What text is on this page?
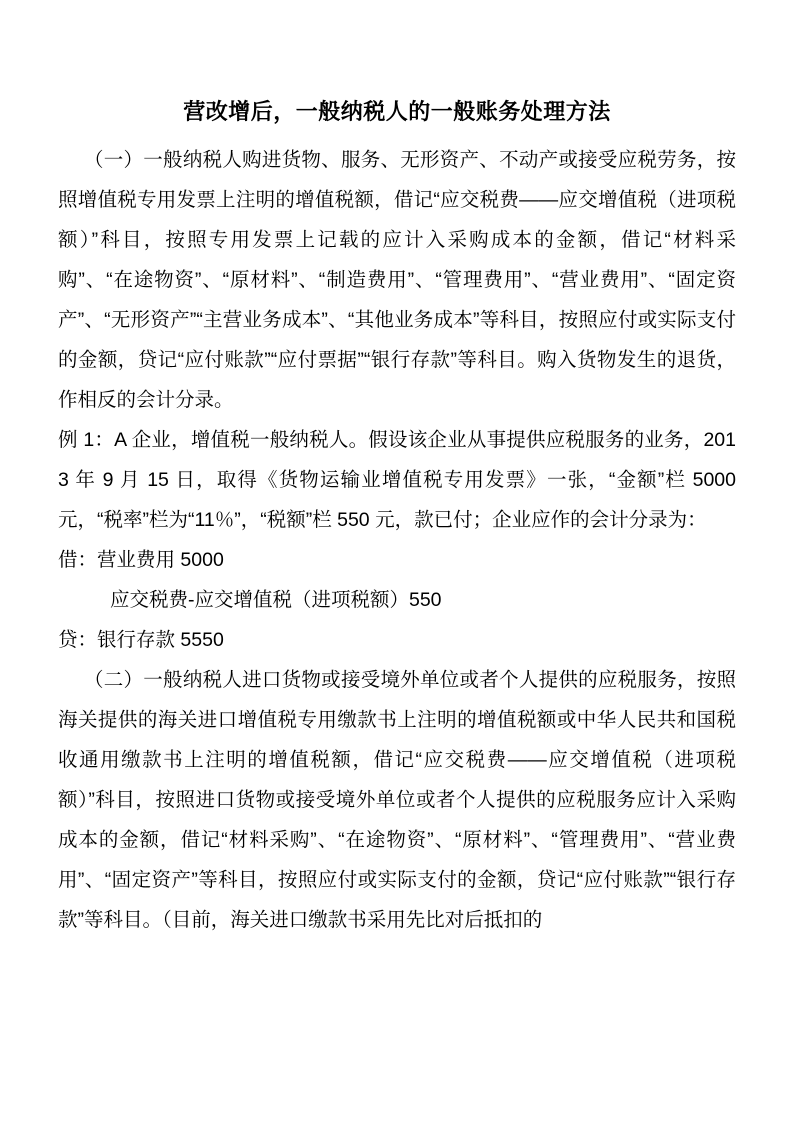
营改增后，一般纳税人的一般账务处理方法

（一）一般纳税人购进货物、服务、无形资产、不动产或接受应税劳务，按照增值税专用发票上注明的增值税额，借记“应交税费——应交增值税（进项税额）”科目，按照专用发票上记载的应计入采购成本的金额，借记“材料采购”、“在途物资”、“原材料”、“制造费用”、“管理费用”、“营业费用”、“固定资产”、“无形资产”“主营业务成本”、“其他业务成本”等科目，按照应付或实际支付的金额，贷记“应付账款”“应付票据”“银行存款”等科目。购入货物发生的退货，作相反的会计分录。

例 1：A 企业，增值税一般纳税人。假设该企业从事提供应税服务的业务，2013 年 9 月 15 日，取得《货物运输业增值税专用发票》一张，“金额”栏 5000 元，“税率”栏为“11％”，“税额”栏 550 元，款已付；企业应作的会计分录为：

借：营业费用 5000

应交税费-应交增值税（进项税额）550

贷：银行存款 5550

（二）一般纳税人进口货物或接受境外单位或者个人提供的应税服务，按照海关提供的海关进口增值税专用缴款书上注明的增值税额或中华人民共和国税收通用缴款书上注明的增值税额，借记“应交税费——应交增值税（进项税额）”科目，按照进口货物或接受境外单位或者个人提供的应税服务应计入采购成本的金额，借记“材料采购”、“在途物资”、“原材料”、“管理费用”、“营业费用”、“固定资产”等科目，按照应付或实际支付的金额，贷记“应付账款”“银行存款”等科目。（目前，海关进口缴款书采用先比对后抵扣的
